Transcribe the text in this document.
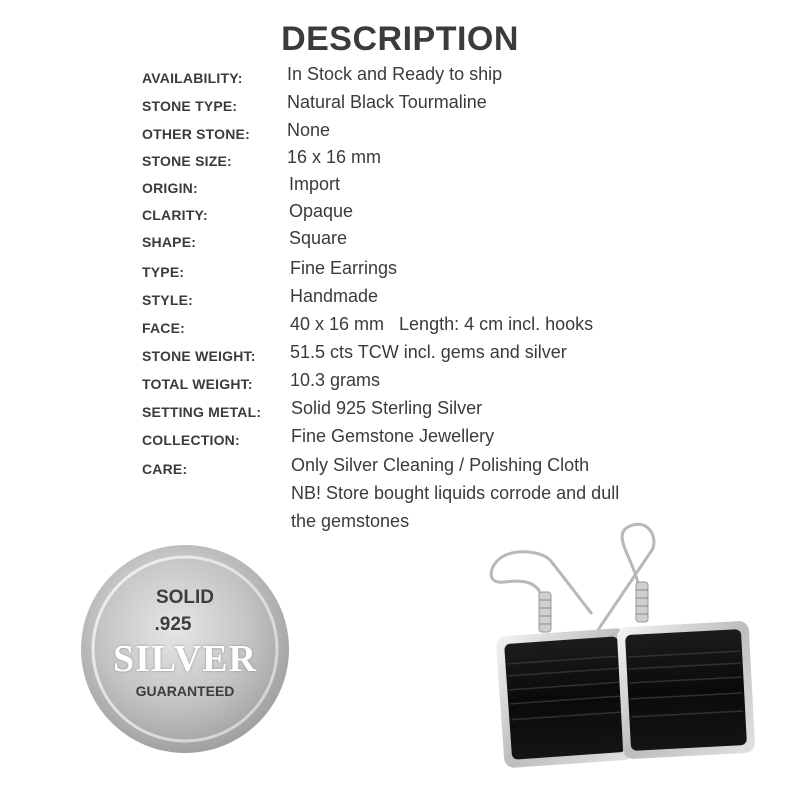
DESCRIPTION
AVAILABILITY: In Stock and Ready to ship
STONE TYPE:	Natural Black Tourmaline
OTHER STONE: None
STONE SIZE:	16 x 16 mm
ORIGIN:	Import
CLARITY:	Opaque
SHAPE:	Square
TYPE:	Fine Earrings
STYLE:	Handmade
FACE:	40 x 16 mm   Length: 4 cm incl. hooks
STONE WEIGHT: 51.5 cts TCW incl. gems and silver
TOTAL WEIGHT: 10.3 grams
SETTING METAL: Solid 925 Sterling Silver
COLLECTION:	Fine Gemstone Jewellery
CARE:	Only Silver Cleaning / Polishing Cloth
NB! Store bought liquids corrode and dull
the gemstones
SOLID
.925
SILVER
GUARANTEED
